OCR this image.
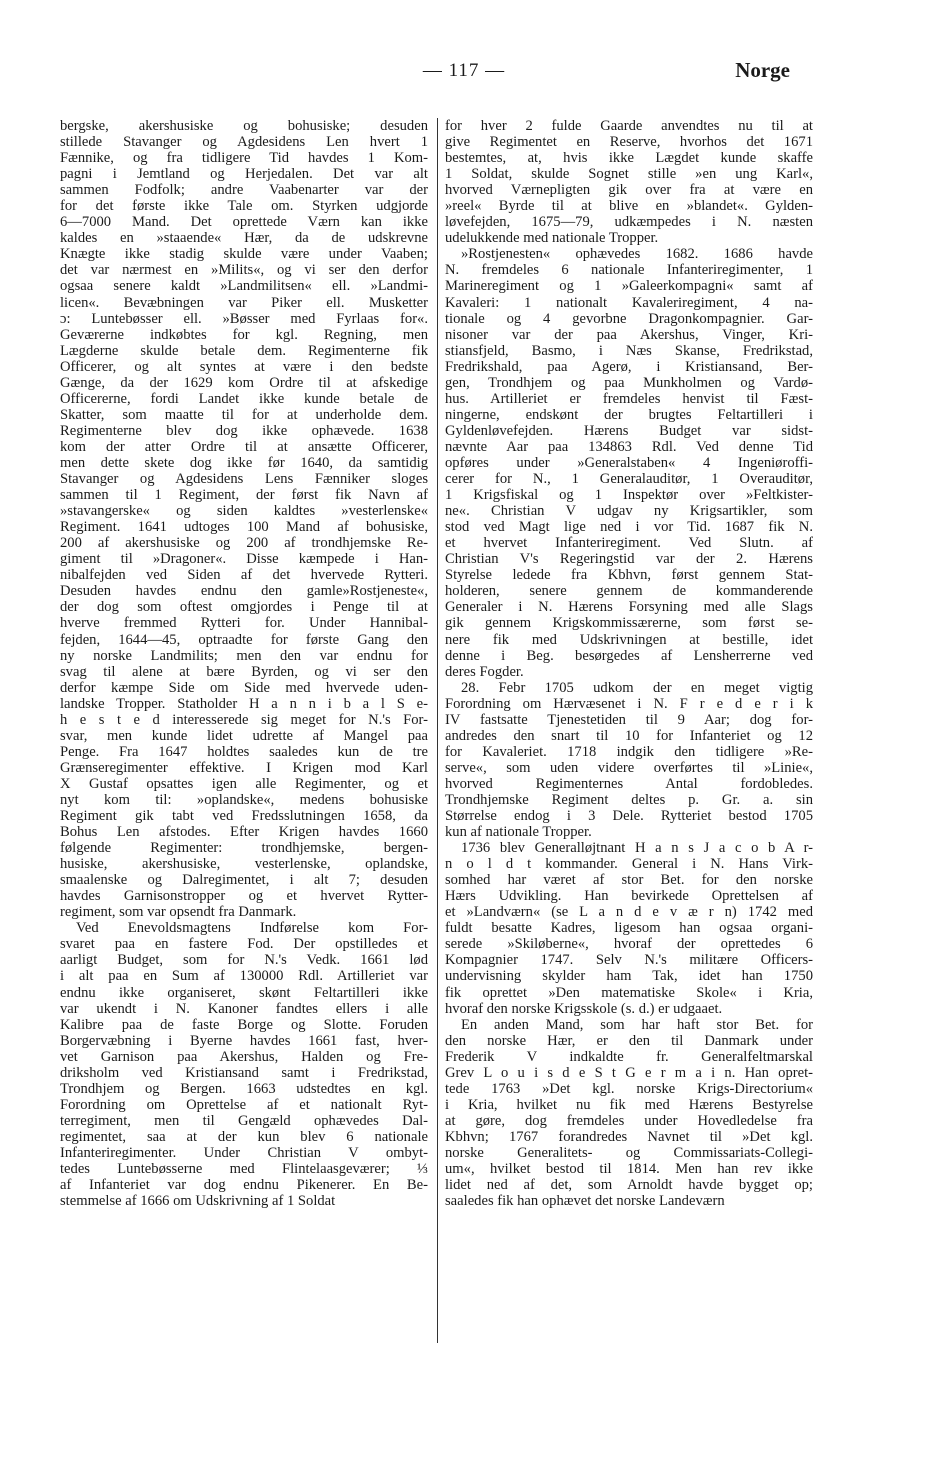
— 117 —	Norge
bergske, akershusiske og bohusiske; desuden
stillede Stavanger og Agdesidens Len hvert 1
Fænnike, og fra tidligere Tid havdes 1 Kom-
pagni i Jemtland og Herjedalen. Det var alt
sammen Fodfolk; andre Vaabenarter var der
for det første ikke Tale om. Styrken udgjorde
6—7000 Mand. Det oprettede Værn kan ikke
kaldes en »staaende« Hær, da de udskrevne
Knægte ikke stadig skulde være under Vaaben;
det var nærmest en »Milits«, og vi ser den derfor
ogsaa senere kaldt »Landmilitsen« ell. »Landmi-
licen«. Bevæbningen var Piker ell. Musketter
ɔ: Luntebøsser ell. »Bøsser med Fyrlaas for«.
Geværerne indkøbtes for kgl. Regning, men
Lægderne skulde betale dem. Regimenterne fik
Officerer, og alt syntes at være i den bedste
Gænge, da der 1629 kom Ordre til at afskedige
Officererne, fordi Landet ikke kunde betale de
Skatter, som maatte til for at underholde dem.
Regimenterne blev dog ikke ophævede. 1638
kom der atter Ordre til at ansætte Officerer,
men dette skete dog ikke før 1640, da samtidig
Stavanger og Agdesidens Lens Fænniker sloges
sammen til 1 Regiment, der først fik Navn af
»stavangerske« og siden kaldtes »vesterlenske«
Regiment. 1641 udtoges 100 Mand af bohusiske,
200 af akershusiske og 200 af trondhjemske Re-
giment til »Dragoner«. Disse kæmpede i Han-
nibalfejden ved Siden af det hvervede Rytteri.
Desuden havdes endnu den gamle»Rostjeneste«,
der dog som oftest omgjordes i Penge til at
hverve fremmed Rytteri for. Under Hannibal-
fejden, 1644—45, optraadte for første Gang den
ny norske Landmilits; men den var endnu for
svag til alene at bære Byrden, og vi ser den
derfor kæmpe Side om Side med hvervede uden-
landske Tropper. Statholder H a n n i b a l S e-
h e s t e d interesserede sig meget for N.'s For-
svar, men kunde lidet udrette af Mangel paa
Penge. Fra 1647 holdtes saaledes kun de tre
Grænseregimenter effektive. I Krigen mod Karl
X Gustaf opsattes igen alle Regimenter, og et
nyt kom til: »oplandske«, medens bohusiske
Regiment gik tabt ved Fredsslutningen 1658, da
Bohus Len afstodes. Efter Krigen havdes 1660
følgende Regimenter: trondhjemske, bergen-
husiske, akershusiske, vesterlenske, oplandske,
smaalenske og Dalregimentet, i alt 7; desuden
havdes Garnisonstropper og et hvervet Rytter-
regiment, som var opsendt fra Danmark.
Ved Enevoldsmagtens Indførelse kom For-
svaret paa en fastere Fod. Der opstilledes et
aarligt Budget, som for N.'s Vedk. 1661 lød
i alt paa en Sum af 130000 Rdl. Artilleriet var
endnu ikke organiseret, skønt Feltartilleri ikke
var ukendt i N. Kanoner fandtes ellers i alle
Kalibre paa de faste Borge og Slotte. Foruden
Borgervæbning i Byerne havdes 1661 fast, hver-
vet Garnison paa Akershus, Halden og Fre-
driksholm ved Kristiansand samt i Fredrikstad,
Trondhjem og Bergen. 1663 udstedtes en kgl.
Forordning om Oprettelse af et nationalt Ryt-
terregiment, men til Gengæld ophævedes Dal-
regimentet, saa at der kun blev 6 nationale
Infanteriregimenter. Under Christian V ombyt-
tedes Luntebøsserne med Flintelaasgeværer; ⅓
af Infanteriet var dog endnu Pikenerer. En Be-
stemmelse af 1666 om Udskrivning af 1 Soldat
for hver 2 fulde Gaarde anvendtes nu til at
give Regimentet en Reserve, hvorhos det 1671
bestemtes, at, hvis ikke Lægdet kunde skaffe
1 Soldat, skulde Sognet stille »en ung Karl«,
hvorved Værnepligten gik over fra at være en
»reel« Byrde til at blive en »blandet«. Gylden-
løvefejden, 1675—79, udkæmpedes i N. næsten
udelukkende med nationale Tropper.
»Rostjenesten« ophævedes 1682. 1686 havde
N. fremdeles 6 nationale Infanteriregimenter, 1
Marineregiment og 1 »Galeerkompagni« samt af
Kavaleri: 1 nationalt Kavaleriregiment, 4 na-
tionale og 4 gevorbne Dragonkompagnier. Gar-
nisoner var der paa Akershus, Vinger, Kri-
stiansfjeld, Basmo, i Næs Skanse, Fredrikstad,
Fredrikshald, paa Agerø, i Kristiansand, Ber-
gen, Trondhjem og paa Munkholmen og Vardø-
hus. Artilleriet er fremdeles henvist til Fæst-
ningerne, endskønt der brugtes Feltartilleri i
Gyldenløvefejden. Hærens Budget var sidst-
nævnte Aar paa 134863 Rdl. Ved denne Tid
opføres under »Generalstaben« 4 Ingeniøroffi-
cerer for N., 1 Generalauditør, 1 Overauditør,
1 Krigsfiskal og 1 Inspektør over »Feltkister-
ne«. Christian V udgav ny Krigsartikler, som
stod ved Magt lige ned i vor Tid. 1687 fik N.
et hvervet Infanteriregiment. Ved Slutn. af
Christian V's Regeringstid var der 2. Hærens
Styrelse ledede fra Kbhvn, først gennem Stat-
holderen, senere gennem de kommanderende
Generaler i N. Hærens Forsyning med alle Slags
gik gennem Krigskommissærerne, som først se-
nere fik med Udskrivningen at bestille, idet
denne i Beg. besørgedes af Lensherrerne ved
deres Fogder.
28. Febr 1705 udkom der en meget vigtig
Forordning om Hærvæsenet i N. F r e d e r i k
IV fastsatte Tjenestetiden til 9 Aar; dog for-
andredes den snart til 10 for Infanteriet og 12
for Kavaleriet. 1718 indgik den tidligere »Re-
serve«, som uden videre overførtes til »Linie«,
hvorved Regimenternes Antal fordobledes.
Trondhjemske Regiment deltes p. Gr. a. sin
Størrelse endog i 3 Dele. Rytteriet bestod 1705
kun af nationale Tropper.
1736 blev Generalløjtnant H a n s J a c o b A r-
n o l d t kommander. General i N. Hans Virk-
somhed har været af stor Bet. for den norske
Hærs Udvikling. Han bevirkede Oprettelsen af
et »Landværn« (se L a n d e v æ r n) 1742 med
fuldt besatte Kadres, ligesom han ogsaa organi-
serede »Skiløberne«, hvoraf der oprettedes 6
Kompagnier 1747. Selv N.'s militære Officers-
undervisning skylder ham Tak, idet han 1750
fik oprettet »Den matematiske Skole« i Kria,
hvoraf den norske Krigsskole (s. d.) er udgaaet.
En anden Mand, som har haft stor Bet. for
den norske Hær, er den til Danmark under
Frederik V indkaldte fr. Generalfeltmarskal
Grev L o u i s d e S t G e r m a i n. Han opret-
tede 1763 »Det kgl. norske Krigs-Directorium«
i Kria, hvilket nu fik med Hærens Bestyrelse
at gøre, dog fremdeles under Hovedledelse fra
Kbhvn; 1767 forandredes Navnet til »Det kgl.
norske Generalitets- og Commissariats-Collegi-
um«, hvilket bestod til 1814. Men han rev ikke
lidet ned af det, som Arnoldt havde bygget op;
saaledes fik han ophævet det norske Landeværn
